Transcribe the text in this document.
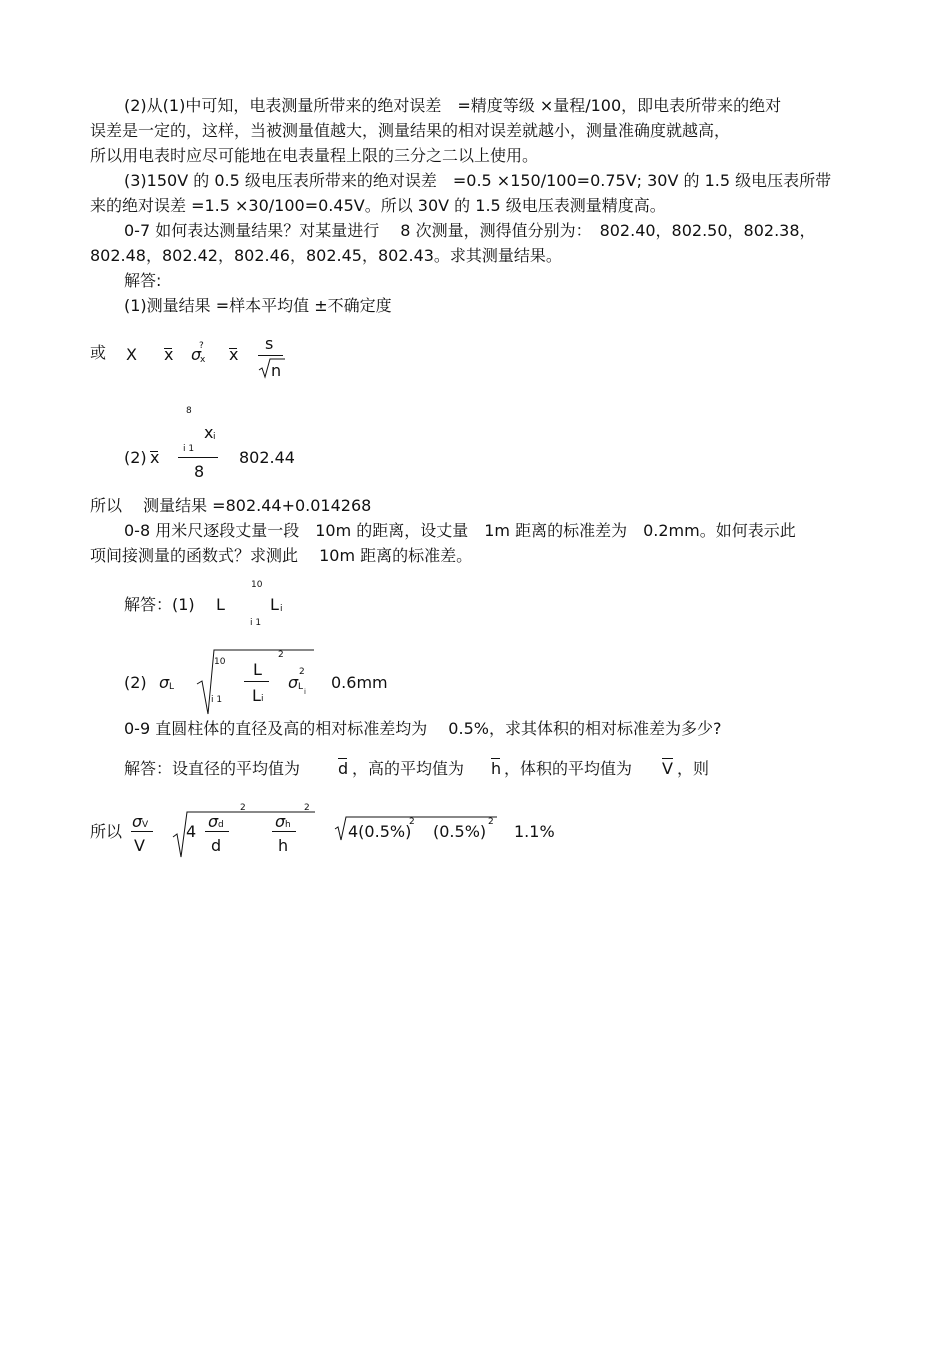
(2)从(1)中可知，电表测量所带来的绝对误差　=精度等级 ×量程/100，即电表所带来的绝对
误差是一定的，这样，当被测量值越大，测量结果的相对误差就越小，测量准确度就越高，
所以用电表时应尽可能地在电表量程上限的三分之二以上使用。
(3)150V 的 0.5 级电压表所带来的绝对误差　=0.5 ×150/100=0.75V; 30V 的 1.5 级电压表所带
来的绝对误差 =1.5 ×30/100=0.45V。所以 30V 的 1.5 级电压表测量精度高。
0-7 如何表达测量结果？对某量进行　 8 次测量，测得值分别为：　802.40，802.50，802.38，
802.48，802.42，802.46，802.45，802.43。求其测量结果。
解答:
(1)测量结果 =样本平均值 ±不确定度
或 X x σ
?
x x
s
n
8
x i
i 1
(2) x
8
802.44
所以　 测量结果 =802.44+0.014268
0-8 用米尺逐段丈量一段　10m 的距离，设丈量　1m 距离的标准差为　0.2mm。如何表示此
项间接测量的函数式？求测此　 10m 距离的标准差。
10
解答：(1) L	L i
i 1
10
2
L
L i
i 1
(2) σ L	σ
2
L i 0.6mm
0-9 直圆柱体的直径及高的相对标准差均为　 0.5%，求其体积的相对标准差为多少?
解答：设直径的平均值为 d ，高的平均值为 h ，体积的平均值为 V ，则
所以
σ V
V
4
σ d
d
2
σ h
h
2
4(0.5%)
2 (0.5%) 2 1.1%
